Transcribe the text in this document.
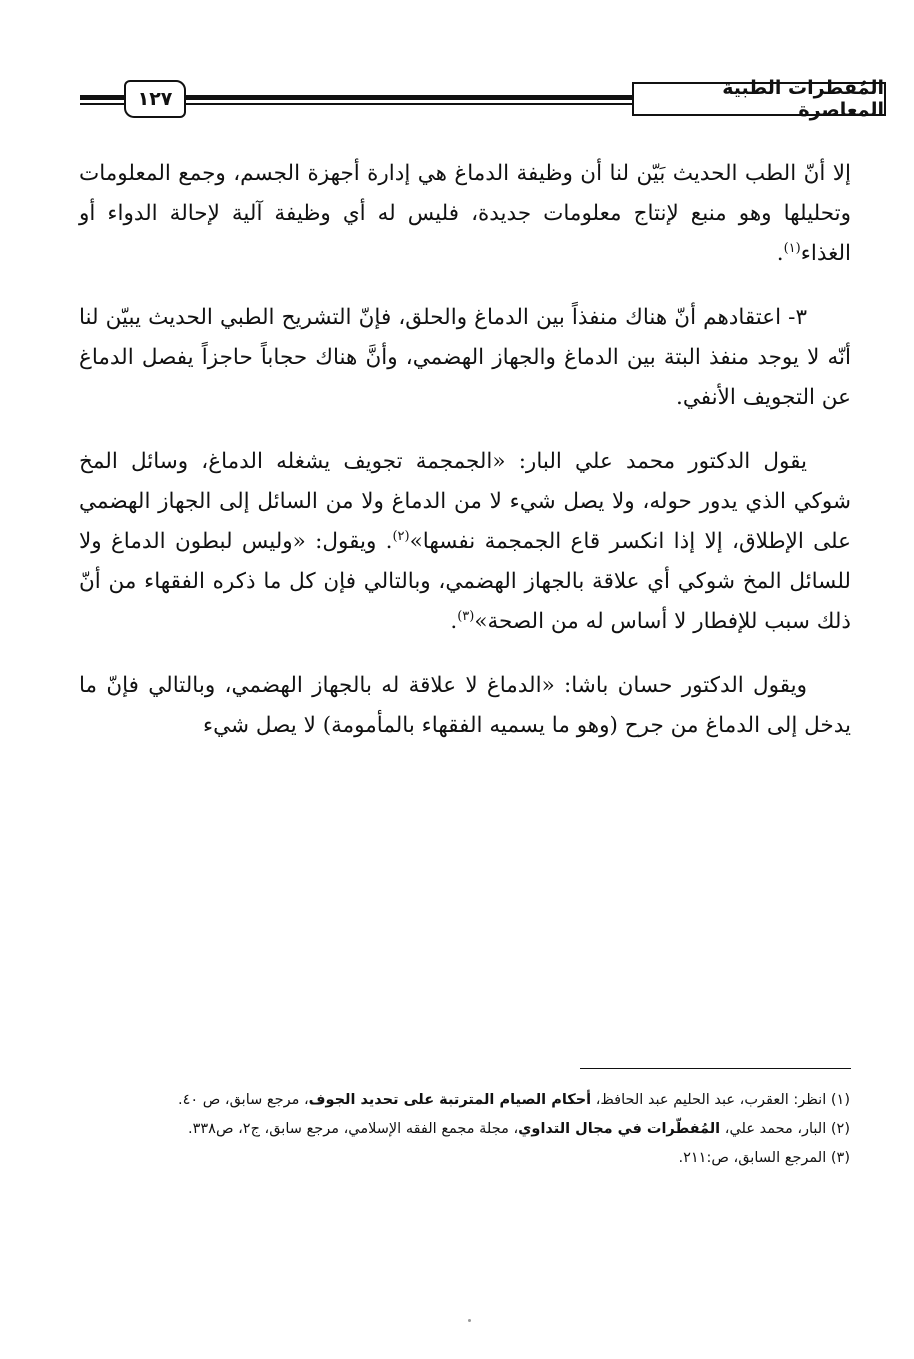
المُفطرات الطبية المعاصرة
١٢٧

إلا أنّ الطب الحديث بَيّن لنا أن وظيفة الدماغ هي إدارة أجهزة الجسم، وجمع المعلومات وتحليلها وهو منبع لإنتاج معلومات جديدة، فليس له أي وظيفة آلية لإحالة الدواء أو الغذاء$^{(١)}$.

٣- اعتقادهم أنّ هناك منفذاً بين الدماغ والحلق، فإنّ التشريح الطبي الحديث يبيّن لنا أنّه لا يوجد منفذ البتة بين الدماغ والجهاز الهضمي، وأنَّ هناك حجاباً حاجزاً يفصل الدماغ عن التجويف الأنفي.

يقول الدكتور محمد علي البار: «الجمجمة تجويف يشغله الدماغ، وسائل المخ شوكي الذي يدور حوله، ولا يصل شيء لا من الدماغ ولا من السائل إلى الجهاز الهضمي على الإطلاق، إلا إذا انكسر قاع الجمجمة نفسها»$^{(٢)}$. ويقول: «وليس لبطون الدماغ ولا للسائل المخ شوكي أي علاقة بالجهاز الهضمي، وبالتالي فإن كل ما ذكره الفقهاء من أنّ ذلك سبب للإفطار لا أساس له من الصحة»$^{(٣)}$.

ويقول الدكتور حسان باشا: «الدماغ لا علاقة له بالجهاز الهضمي، وبالتالي فإنّ ما يدخل إلى الدماغ من جرح (وهو ما يسميه الفقهاء بالمأمومة) لا يصل شيء

(١) انظر: العقرب، عبد الحليم عبد الحافظ، أحكام الصيام المترتبة على تحديد الجوف، مرجع سابق، ص ٤٠.

(٢) البار، محمد علي، المُفطّرات في مجال التداوي، مجلة مجمع الفقه الإسلامي، مرجع سابق، ج٢، ص٣٣٨.

(٣) المرجع السابق، ص:٢١١.
